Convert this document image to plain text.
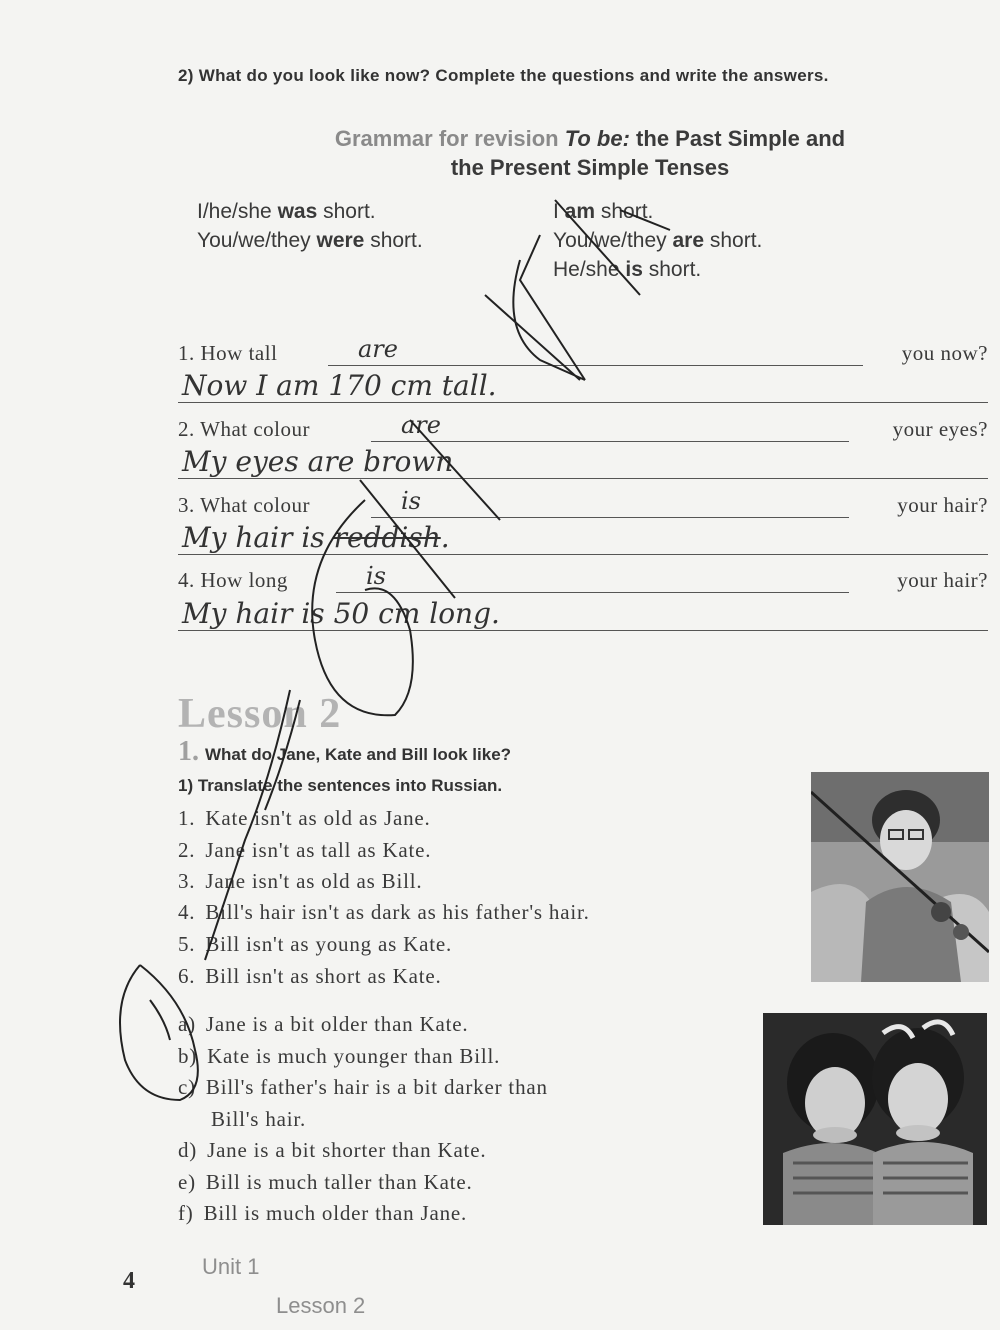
2) What do you look like now? Complete the questions and write the answers.
Grammar for revision To be: the Past Simple and
the Present Simple Tenses
I/he/she was short.
You/we/they were short.
I am short.
You/we/they are short.
He/she is short.
1. How tall	are	you now?
Now I am 170 cm tall.
2. What colour	are	your eyes?
My eyes are brown
3. What colour	is	your hair?
My hair is reddish.
4. How long	is	your hair?
My hair is 50 cm long.
Lesson 2
1. What do Jane, Kate and Bill look like?
1) Translate the sentences into Russian.
1. Kate isn't as old as Jane.
2. Jane isn't as tall as Kate.
3. Jane isn't as old as Bill.
4. Bill's hair isn't as dark as his father's hair.
5. Bill isn't as young as Kate.
6. Bill isn't as short as Kate.
a) Jane is a bit older than Kate.
b) Kate is much younger than Bill.
c) Bill's father's hair is a bit darker than
Bill's hair.
d) Jane is a bit shorter than Kate.
e) Bill is much taller than Kate.
f) Bill is much older than Jane.
4
Unit 1
Lesson 2
